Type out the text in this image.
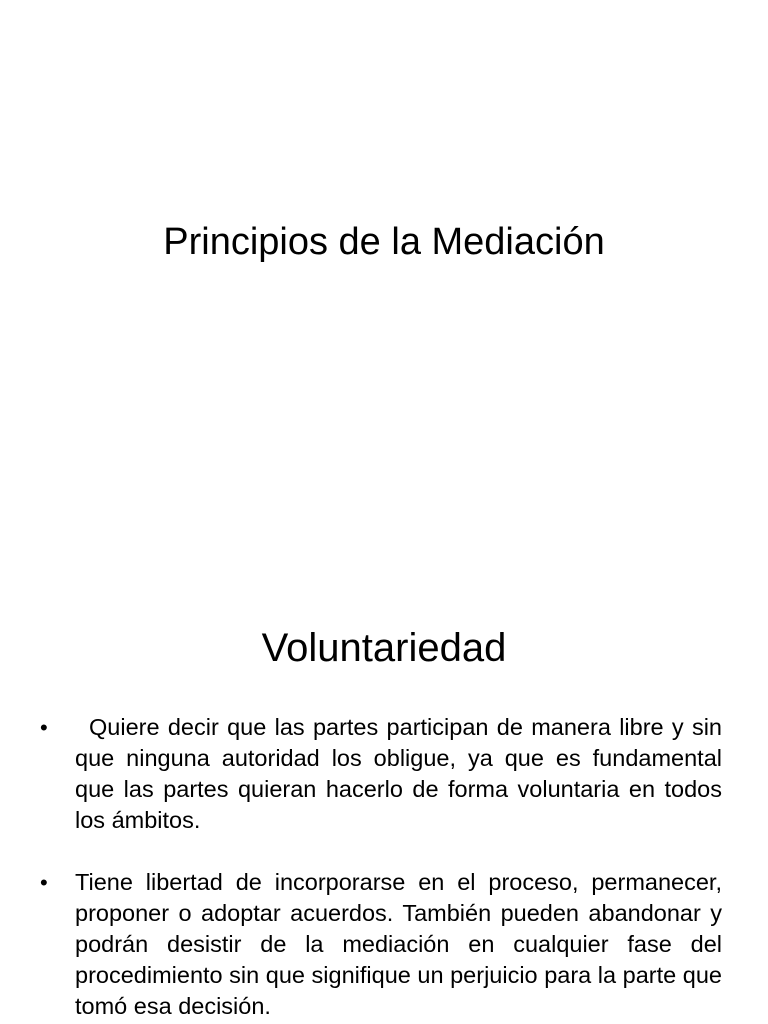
Principios de la Mediación
Voluntariedad
•	Quiere decir que las partes participan de manera libre y sin que ninguna autoridad los obligue, ya que es fundamental que las partes quieran hacerlo de forma voluntaria en todos los ámbitos.
• Tiene libertad de incorporarse en el proceso, permanecer, proponer o adoptar acuerdos. También pueden abandonar y podrán desistir de la mediación en cualquier fase del procedimiento sin que signifique un perjuicio para la parte que tomó esa decisión.
